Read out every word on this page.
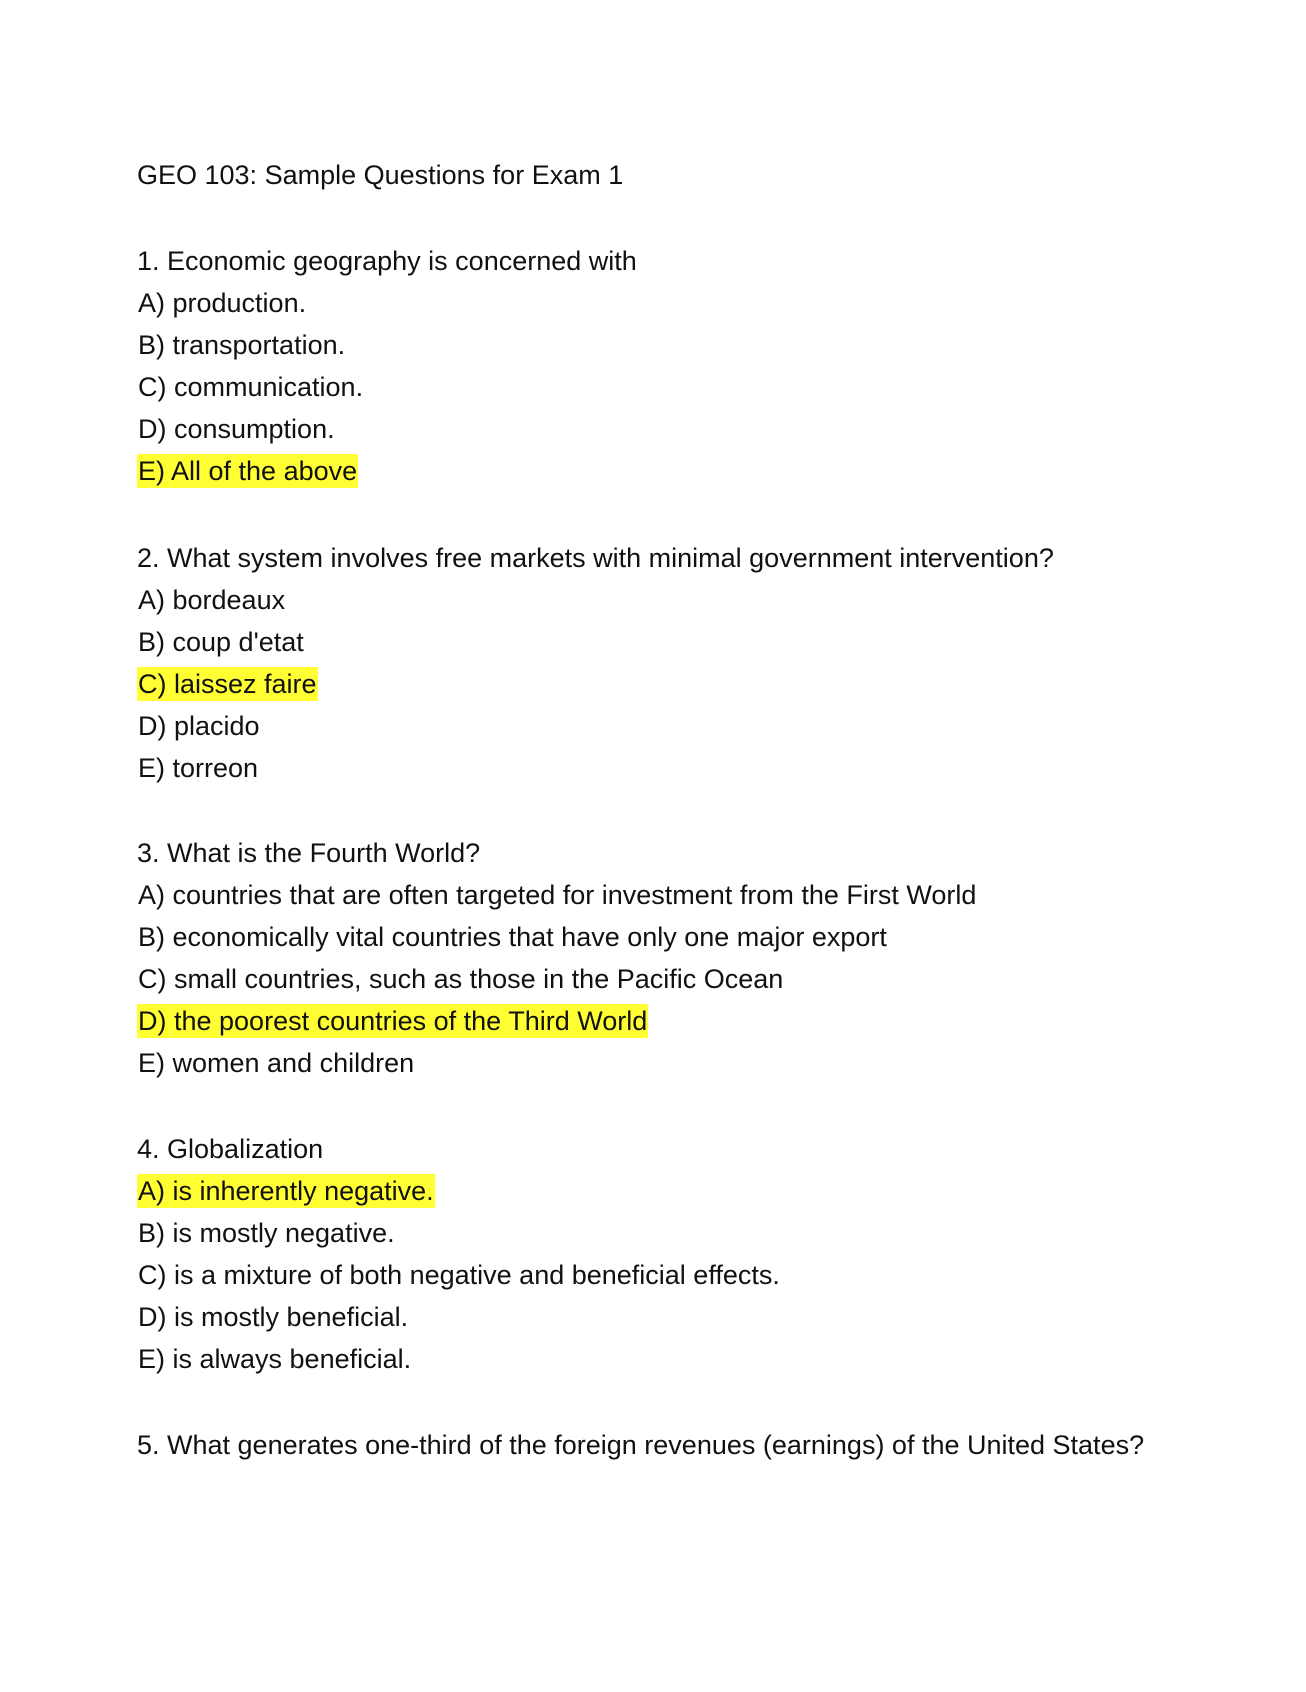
GEO 103: Sample Questions for Exam 1

1. Economic geography is concerned with

A) production.
B) transportation.
C) communication.
D) consumption.
E) All of the above

2. What system involves free markets with minimal government intervention?

A) bordeaux
B) coup d'etat
C) laissez faire
D) placido
E) torreon

3. What is the Fourth World?

A) countries that are often targeted for investment from the First World
B) economically vital countries that have only one major export
C) small countries, such as those in the Pacific Ocean
D) the poorest countries of the Third World
E) women and children

4. Globalization

A) is inherently negative.
B) is mostly negative.
C) is a mixture of both negative and beneficial effects.
D) is mostly beneficial.
E) is always beneficial.

5. What generates one-third of the foreign revenues (earnings) of the United States?
